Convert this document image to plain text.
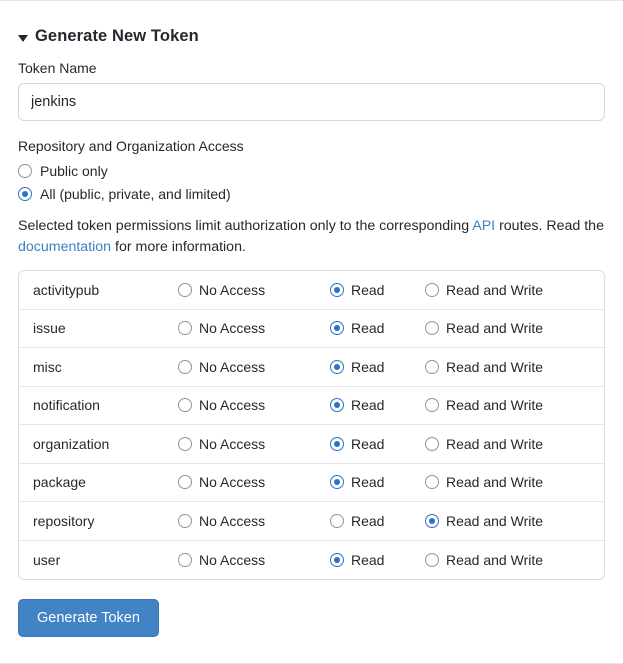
Generate New Token
Token Name
jenkins
Repository and Organization Access
Public only
All (public, private, and limited)
Selected token permissions limit authorization only to the corresponding API routes. Read the documentation for more information.
activitypub	No Access	Read	Read and Write
issue	No Access	Read	Read and Write
misc	No Access	Read	Read and Write
notification	No Access	Read	Read and Write
organization	No Access	Read	Read and Write
package	No Access	Read	Read and Write
repository	No Access	Read	Read and Write
user	No Access	Read	Read and Write
Generate Token
